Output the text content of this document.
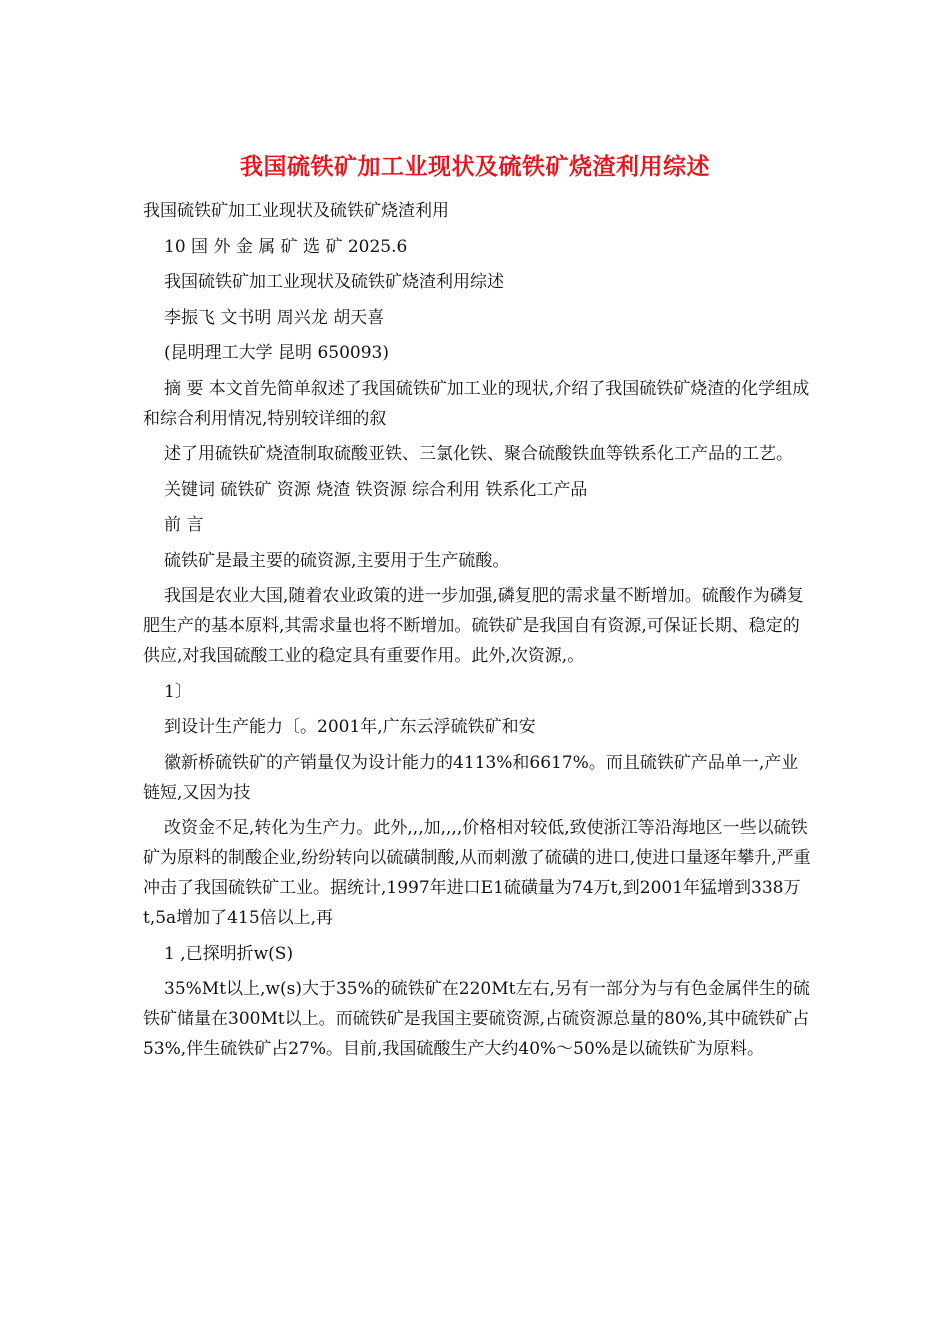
我国硫铁矿加工业现状及硫铁矿烧渣利用综述

我国硫铁矿加工业现状及硫铁矿烧渣利用

10 国 外 金 属 矿 选 矿 2025.6

我国硫铁矿加工业现状及硫铁矿烧渣利用综述

李振飞 文书明 周兴龙 胡天喜

(昆明理工大学 昆明 650093)

摘 要 本文首先简单叙述了我国硫铁矿加工业的现状,介绍了我国硫铁矿烧渣的化学组成和综合利用情况,特别较详细的叙

述了用硫铁矿烧渣制取硫酸亚铁、三氯化铁、聚合硫酸铁血等铁系化工产品的工艺。

关键词 硫铁矿 资源 烧渣 铁资源 综合利用 铁系化工产品

前 言

硫铁矿是最主要的硫资源,主要用于生产硫酸。

我国是农业大国,随着农业政策的进一步加强,磷复肥的需求量不断增加。硫酸作为磷复肥生产的基本原料,其需求量也将不断增加。硫铁矿是我国自有资源,可保证长期、稳定的供应,对我国硫酸工业的稳定具有重要作用。此外,次资源,。

1〕

到设计生产能力〔。2001年,广东云浮硫铁矿和安

徽新桥硫铁矿的产销量仅为设计能力的4113%和6617%。而且硫铁矿产品单一,产业链短,又因为技

改资金不足,转化为生产力。此外,,,加,,,,价格相对较低,致使浙江等沿海地区一些以硫铁矿为原料的制酸企业,纷纷转向以硫磺制酸,从而刺激了硫磺的进口,使进口量逐年攀升,严重冲击了我国硫铁矿工业。据统计,1997年进口E1硫磺量为74万t,到2001年猛增到338万t,5a增加了415倍以上,再

1 ,已探明折w(S)

35%Mt以上,w(s)大于35%的硫铁矿在220Mt左右,另有一部分为与有色金属伴生的硫铁矿储量在300Mt以上。而硫铁矿是我国主要硫资源,占硫资源总量的80%,其中硫铁矿占53%,伴生硫铁矿占27%。目前,我国硫酸生产大约40%～50%是以硫铁矿为原料。
